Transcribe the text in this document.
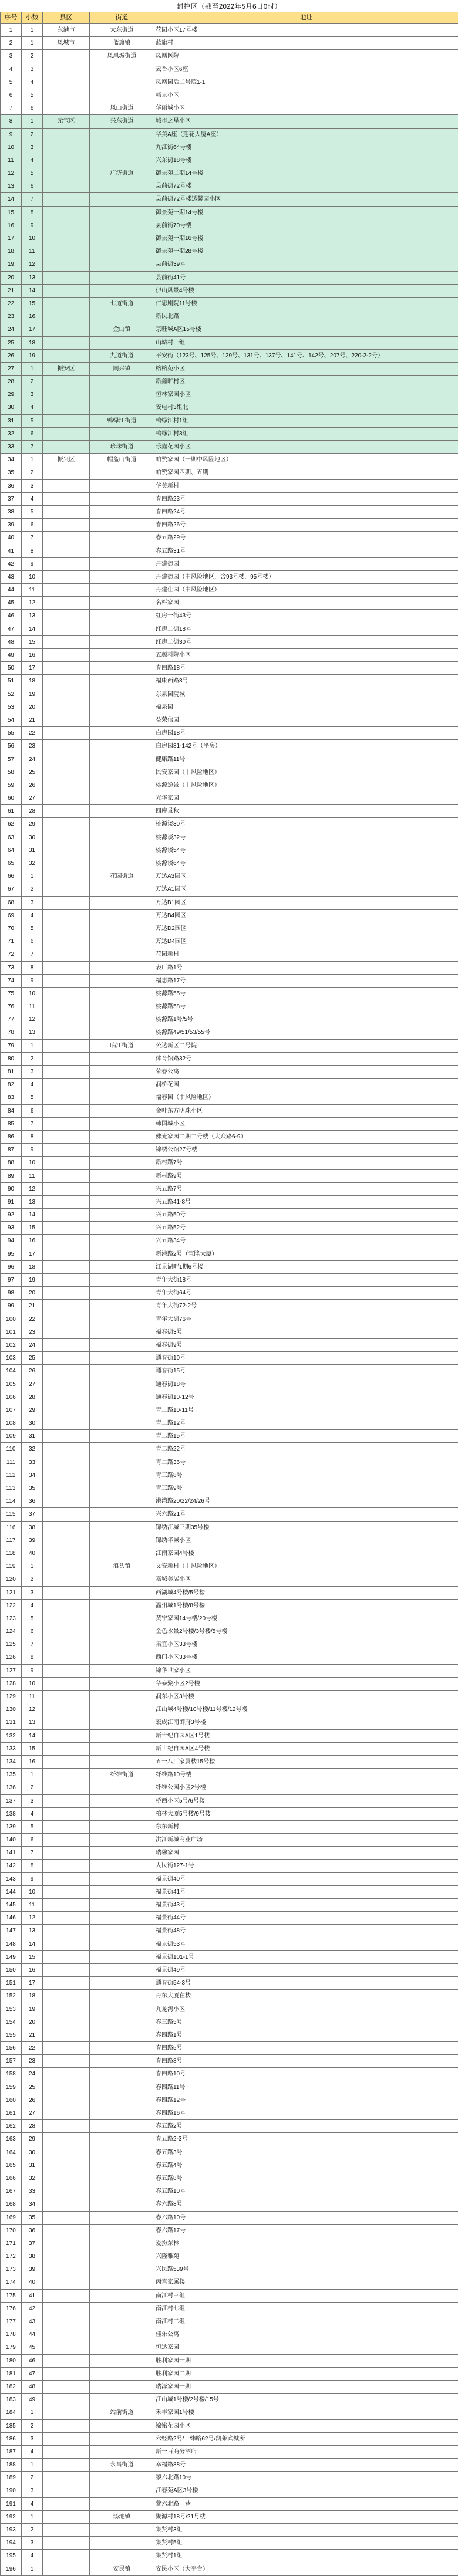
封控区（截至2022年5月6日0时）
序号	小数	县区	街道	地址
1	1	东港市	大东街道	花园小区17号楼
2	1	凤城市	蓝旗镇	蓝旗村
3	2		凤凰城街道	凤凰医院
4	3			云香小区6座
5	4			凤凰园后二号院1-1
6	5			畅景小区
7	6		凤山街道	华丽城小区
8	1	元宝区	兴东街道	城市之星小区
9	2			华美A座（莲花大厦A座）
10	3			九江街64号楼
11	4			兴东街18号楼
12	5		广济街道	御景苑二期14号楼
13	6			县前街72号楼
14	7			县前街72号楼透馨园小区
15	8			御景苑一期14号楼
16	9			县前街70号楼
17	10			御景苑一期16号楼
18	11			御景苑一期28号楼
19	12			县前街39号
20	13			县前街41号
21	14			伊山风景4号楼
22	15		七道街道	仁忠剧院11号楼
23	16			新民北路
24	17		金山镇	宗旺城A区15号楼
25	18			山城村一组
26	19		九道街道	平安街（123号、125号、129号、131号、137号、141号、142号、207号、220-2-2号）
27	1	振安区	同兴镇	榕榕苑小区
28	2			新鑫旷村区
29	3			恒林家园小区
30	4			安电村3组北
31	5		鸭绿江街道	鸭绿江村1组
32	6			鸭绿江村3组
33	7		珍珠街道	乐鑫花园小区
34	1	振兴区	帽盔山街道	帕赞家园（一期中风险地区）
35	2			帕赞家园四期、五期
36	3			华美新村
37	4			春四路23号
38	5			春四路24号
39	6			春四路26号
40	7			春五路29号
41	8			春五路31号
42	9			丹建德园
43	10			丹建德园（中风险地区，含93号楼，95号楼）
44	11			丹建佳园（中风险地区）
45	12			名栏家园
46	13			红房一街43号
47	14			红房二街18号
48	15			红房二街30号
49	16			五颜料院小区
50	17			春四路18号
51	18			福康西路3号
52	19			东泉园院城
53	20			福泉园
54	21			益荣信园
55	22			白房园18号
56	23			白房园81-142号（平房）
57	24			健康路11号
58	25			民安家园（中风险地区）
59	26			桃源逸景（中风险地区）
60	27			光华家园
61	28			四库景秋
62	29			桃源谈30号
63	30			桃源谈32号
64	31			桃源谈54号
65	32			桃源谈64号
66	1		花园街道	万达A3园区
67	2			万达A1园区
68	3			万达B1园区
69	4			万达B4园区
70	5			万达D2园区
71	6			万达D4园区
72	7			花园新村
73	8			表厂路1号
74	9			福惠路17号
75	10			桃源路55号
76	11			桃源路58号
77	12			桃源路1号/5号
78	13			桃源路49/51/53/55号
79	1		临江街道	公达新区二号院
80	2			体育馆路32号
81	3			荣春公寓
82	4			润桥花园
83	5			福春园（中风险地区）
84	6			金叶东方明珠小区
85	7			韩国城小区
86	8			佛光家园二期二号楼（大众路6-9）
87	9			锦绣公馆27号楼
88	10			新村路7号
89	11			新村路9号
90	12			兴五路7号
91	13			兴五路41-8号
92	14			兴五路50号
93	15			兴五路52号
94	16			兴五路34号
95	17			新港路2号（宝隆大厦）
96	18			江景湖畔1期6号楼
97	19			青年大街18号
98	20			青年大街64号
99	21			青年大街72-2号
100	22			青年大街76号
101	23			福春街3号
102	24			福春街9号
103	25			通春街10号
104	26			通春街15号
105	27			通春街18号
106	28			通春街10-12号
107	29			青二路10-11号
108	30			青二路12号
109	31			青二路15号
110	32			青二路22号
111	33			青二路36号
112	34			青三路8号
113	35			青三路9号
114	36			港湾路20/22/24/26号
115	37			兴六路21号
116	38			锦绣江城三期35号楼
117	39			锦绣华城小区
118	40			江南家园4号楼
119	1		浪头镇	文安新村（中风险地区）
120	2			嘉城美居小区
121	3			西湖城4号楼/5号楼
122	4			温州城1号楼/8号楼
123	5			黄宁家园14号楼/20号楼
124	6			金色水景2号楼/3号楼/5号楼
125	7			集宜小区33号楼
126	8			西门小区33号楼
127	9			锦华世家小区
128	10			华泰聚小区2号楼
129	11			润东小区3号楼
130	12			江山城4号楼/10号楼/11号楼/12号楼
131	13			宏成江南御府3号楼
132	14			新世纪自园A区1号楼
133	15			新世纪自园A区4号楼
134	16			五一八厂家属楼15号楼
135	1		纤维街道	纤维路10号楼
136	2			纤维公园小区2号楼
137	3			桥西小区5号/6号楼
138	4			柏林大厦5号楼/9号楼
139	5			东东新村
140	6			洪江新城商业广场
141	7			瑞馨家园
142	8			人民街127-1号
143	9			福景街40号
144	10			福景街41号
145	11			福景街43号
146	12			福景街44号
147	13			福景街48号
148	14			福景街53号
149	15			福景街101-1号
150	16			福景街49号
151	17			通春街54-3号
152	18			丹东大厦在楼
153	19			九龙湾小区
154	20			春三路5号
155	21			春四路1号
156	22			春四路5号
157	23			春四路8号
158	24			春四路10号
159	25			春四路11号
160	26			春四路12号
161	27			春四路16号
162	28			春五路2号
163	29			春五路2-3号
164	30			春五路3号
165	31			春五路4号
166	32			春五路8号
167	33			春五路10号
168	34			春六路8号
169	35			春六路10号
170	36			春六路17号
171	37			爱扮东林
172	38			兴隆雅苑
173	39			兴民路539号
174	40			丙宫家属楼
175	41			南江村三组
176	42			南江村七组
177	43			南江村二组
178	44			佳乐公寓
179	45			恒达家园
180	46			胜利家园一期
181	47			胜利家园二期
182	48			瑞泽家园一期
183	49			江山城1号楼/2号楼/15号
184	1		站前街道	禾丰家园1号楼
185	2			锦铭花园小区
186	3			六经路2号/一纬路62号/凯莱宾城所
187	4			新一百商务酒店
188	1		永昌街道	幸福路88号
189	2			黎六北路10号
190	3			江春苑A区3号楼
191	4			黎六北路一巷
192	1		汤池镇	聚源村18号/21号楼
193	2			集贤村3组
194	3			集贤村5组
195	4			集贤村1组
196	1		安民镇	安民小区（大平台）
